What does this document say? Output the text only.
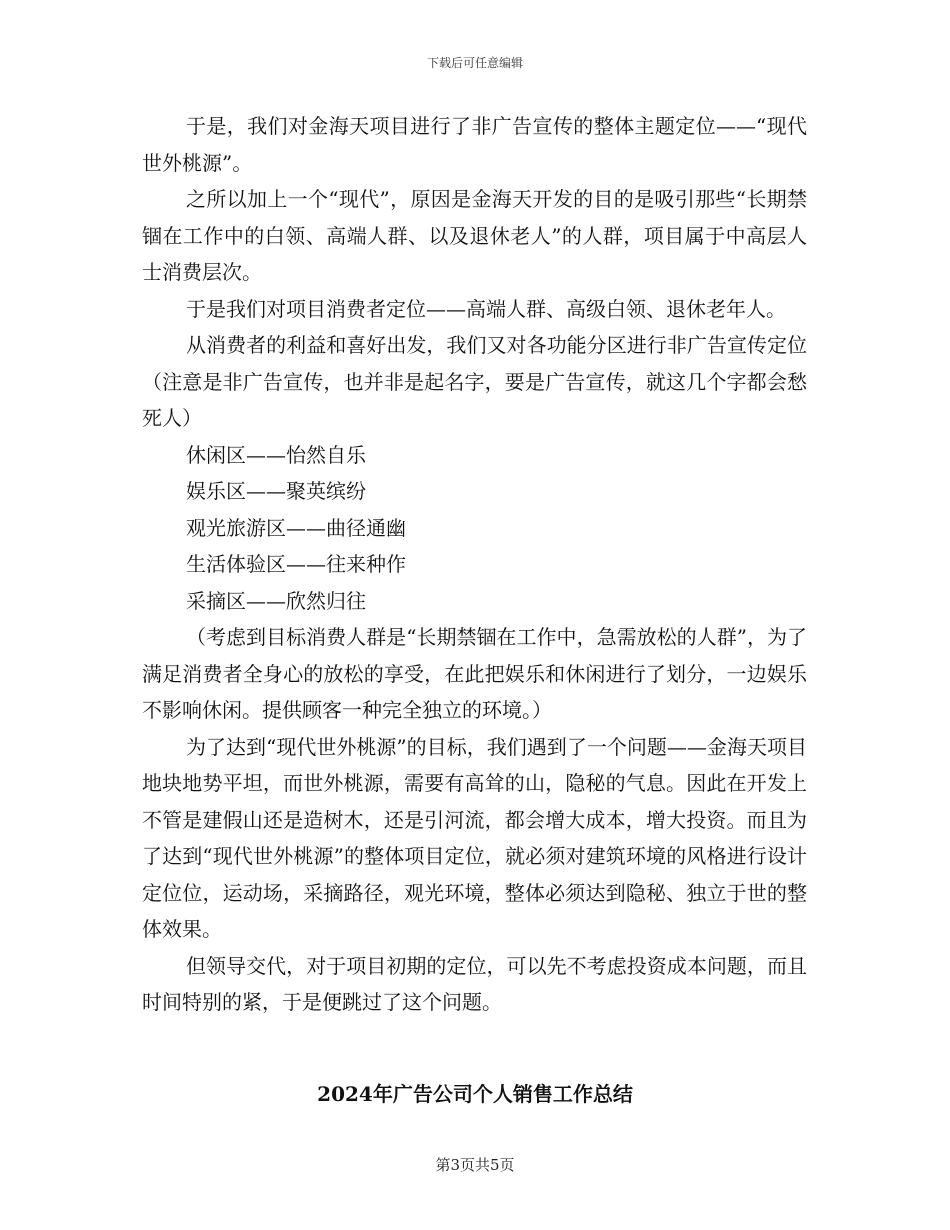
下载后可任意编辑

于是，我们对金海天项目进行了非广告宣传的整体主题定位——“现代世外桃源”。

之所以加上一个“现代”，原因是金海天开发的目的是吸引那些“长期禁锢在工作中的白领、高端人群、以及退休老人”的人群，项目属于中高层人士消费层次。

于是我们对项目消费者定位——高端人群、高级白领、退休老年人。

从消费者的利益和喜好出发，我们又对各功能分区进行非广告宣传定位（注意是非广告宣传，也并非是起名字，要是广告宣传，就这几个字都会愁死人）

休闲区——怡然自乐

娱乐区——聚英缤纷

观光旅游区——曲径通幽

生活体验区——往来种作

采摘区——欣然归往

（考虑到目标消费人群是“长期禁锢在工作中，急需放松的人群”，为了满足消费者全身心的放松的享受，在此把娱乐和休闲进行了划分，一边娱乐不影响休闲。提供顾客一种完全独立的环境。）

为了达到“现代世外桃源”的目标，我们遇到了一个问题——金海天项目地块地势平坦，而世外桃源，需要有高耸的山，隐秘的气息。因此在开发上不管是建假山还是造树木，还是引河流，都会增大成本，增大投资。而且为了达到“现代世外桃源”的整体项目定位，就必须对建筑环境的风格进行设计定位位，运动场，采摘路径，观光环境，整体必须达到隐秘、独立于世的整体效果。

但领导交代，对于项目初期的定位，可以先不考虑投资成本问题，而且时间特别的紧，于是便跳过了这个问题。

2024年广告公司个人销售工作总结
第3页共5页
